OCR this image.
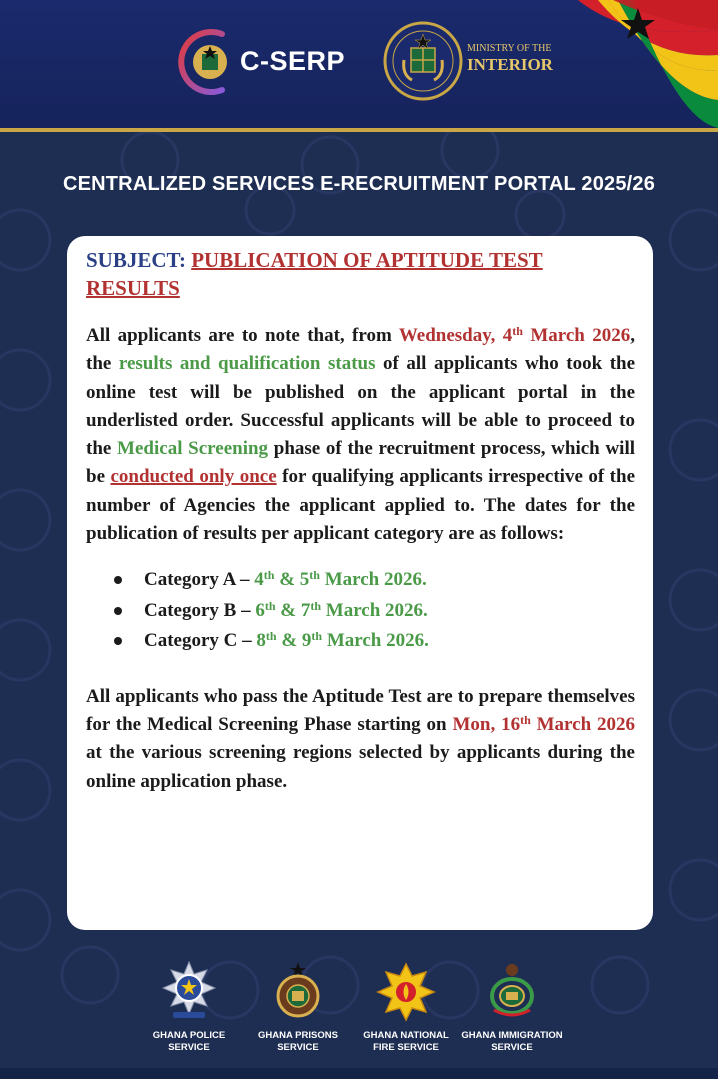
C-SERP	MINISTRY OF THE
INTERIOR
CENTRALIZED SERVICES E-RECRUITMENT PORTAL 2025/26

SUBJECT: PUBLICATION OF APTITUDE TEST RESULTS

All applicants are to note that, from Wednesday, 4th March 2026, the results and qualification status of all applicants who took the online test will be published on the applicant portal in the underlisted order. Successful applicants will be able to proceed to the Medical Screening phase of the recruitment process, which will be conducted only once for qualifying applicants irrespective of the number of Agencies the applicant applied to. The dates for the publication of results per applicant category are as follows:

Category A – 4th & 5th March 2026.
Category B – 6th & 7th March 2026.
Category C – 8th & 9th March 2026.

All applicants who pass the Aptitude Test are to prepare themselves for the Medical Screening Phase starting on Mon, 16th March 2026 at the various screening regions selected by applicants during the online application phase.

GHANA POLICE
SERVICE
GHANA PRISONS
SERVICE
GHANA NATIONAL
FIRE SERVICE
GHANA IMMIGRATION
SERVICE
